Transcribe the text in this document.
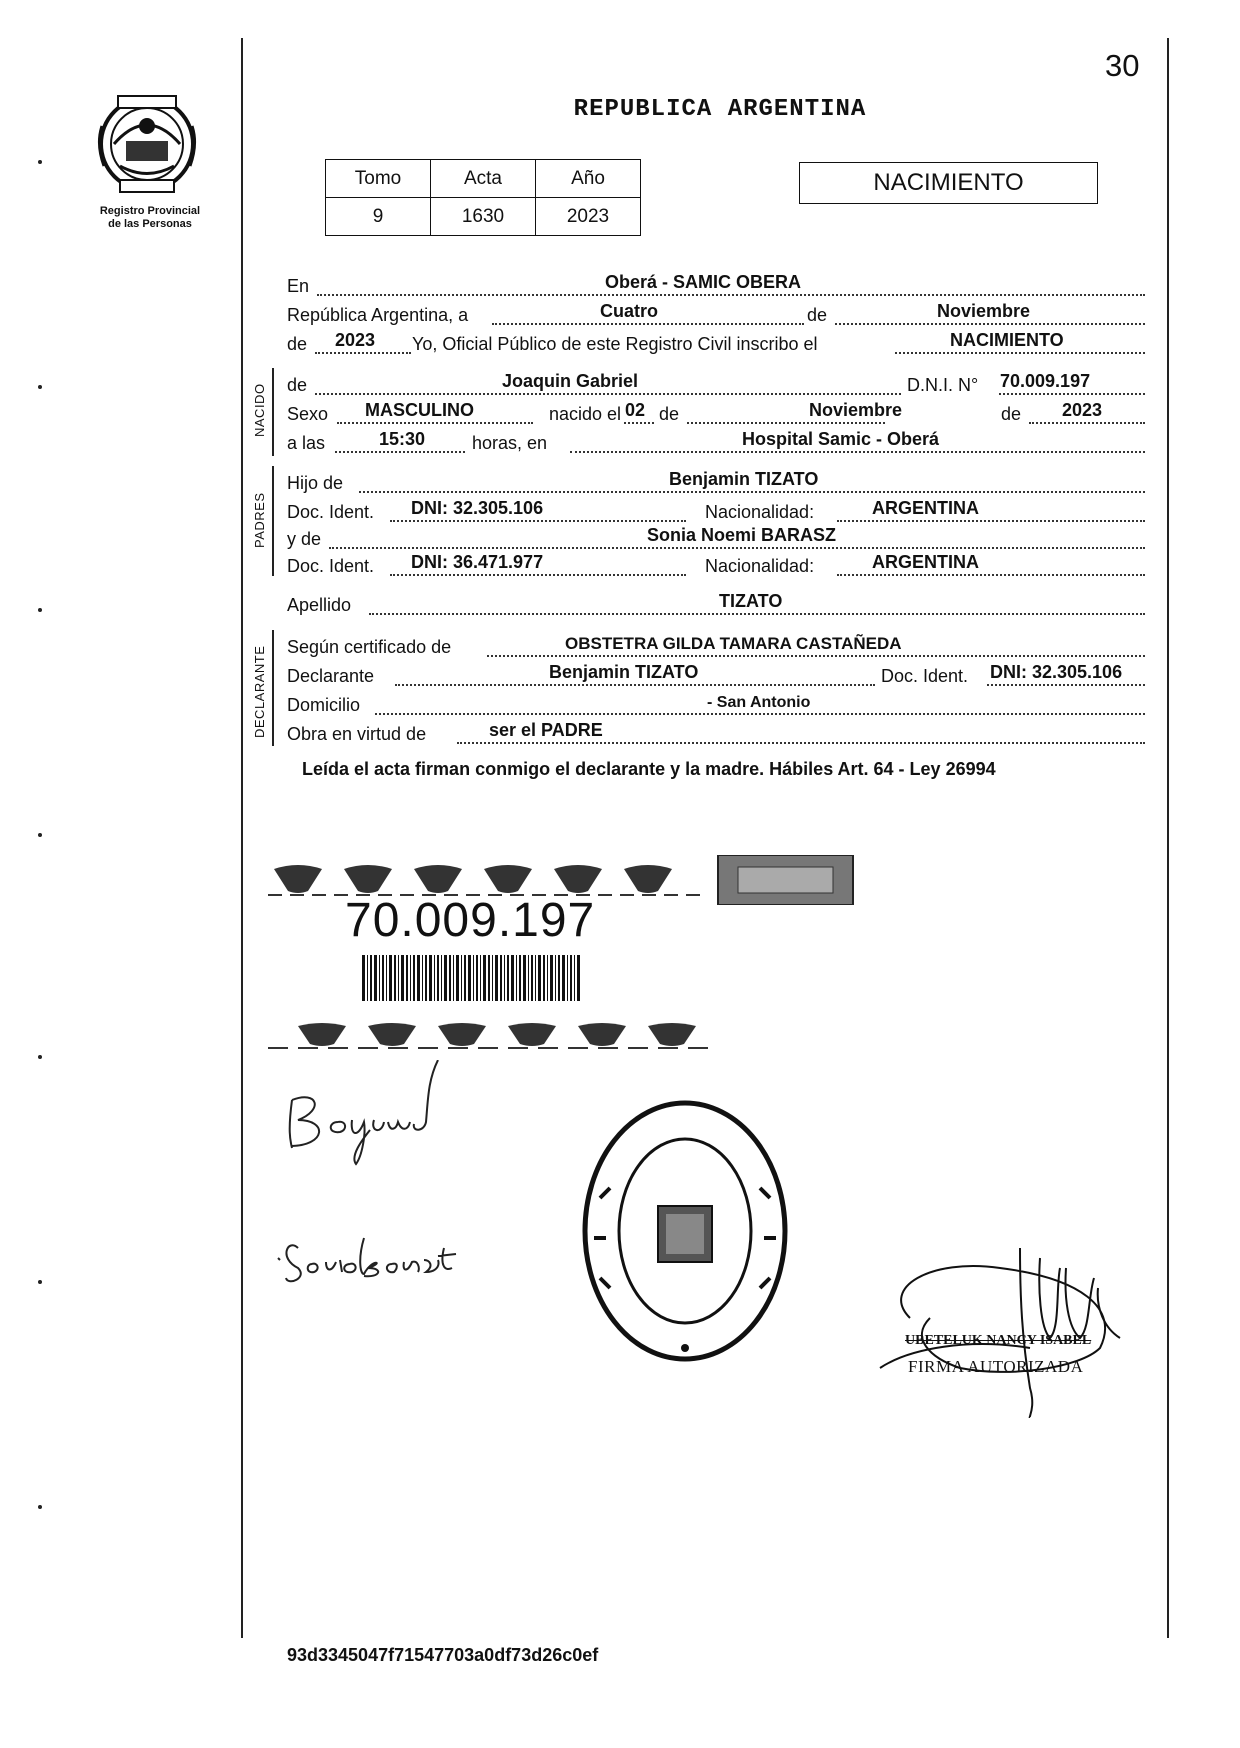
30
Registro Provincial
de las Personas
REPUBLICA ARGENTINA
Tomo	Acta	Año
9	1630	2023
NACIMIENTO
En	Oberá - SAMIC OBERA
República Argentina, a	Cuatro	de	Noviembre
de 2023 Yo, Oficial Público de este Registro Civil inscribo el	NACIMIENTO
NACIDO de	Joaquin Gabriel	D.N.I. N° 70.009.197
Sexo MASCULINO	nacido el 02 de	Noviembre	de 2023
a las	15:30	horas, en	Hospital Samic - Oberá
PADRES
Hijo de	Benjamin TIZATO
Doc. Ident. DNI: 32.305.106	Nacionalidad:	ARGENTINA
y de	Sonia Noemi BARASZ
Doc. Ident. DNI: 36.471.977	Nacionalidad:	ARGENTINA
Apellido	TIZATO
DECLARANTE Según certificado de	OBSTETRA GILDA TAMARA CASTAÑEDA
Declarante	Benjamin TIZATO	Doc. Ident. DNI: 32.305.106
Domicilio	- San Antonio
Obra en virtud de	ser el PADRE
Leída el acta firman conmigo el declarante y la madre. Hábiles Art. 64 - Ley 26994
70.009.197
UBETELUK NANCY ISABEL
FIRMA AUTORIZADA
93d3345047f71547703a0df73d26c0ef
